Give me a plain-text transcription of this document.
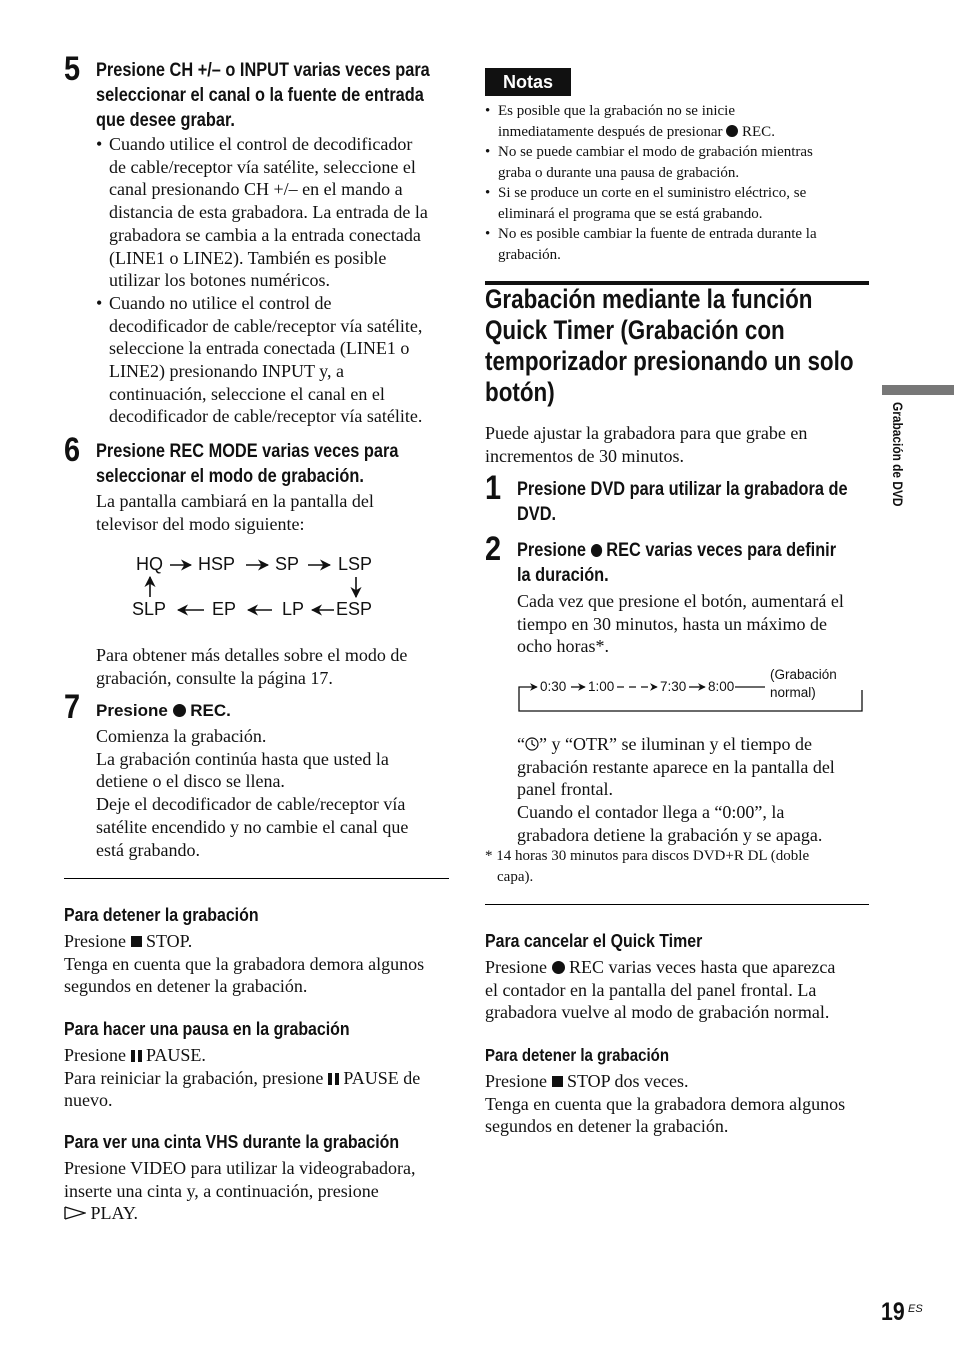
5 Presione CH +/– o INPUT varias veces para
seleccionar el canal o la fuente de entrada
que desee grabar.
• Cuando utilice el control de decodificador
de cable/receptor vía satélite, seleccione el
canal presionando CH +/– en el mando a
distancia de esta grabadora. La entrada de la
grabadora se cambia a la entrada conectada
(LINE1 o LINE2). También es posible
utilizar los botones numéricos.
• Cuando no utilice el control de
decodificador de cable/receptor vía satélite,
seleccione la entrada conectada (LINE1 o
LINE2) presionando INPUT y, a
continuación, seleccione el canal en el
decodificador de cable/receptor vía satélite.
6 Presione REC MODE varias veces para
seleccionar el modo de grabación.
La pantalla cambiará en la pantalla del
televisor del modo siguiente:
HQ HSP SP LSP
SLP	EP	LP ESP
Para obtener más detalles sobre el modo de
grabación, consulte la página 17.
7 Presione REC.
Comienza la grabación.
La grabación continúa hasta que usted la
detiene o el disco se llena.
Deje el decodificador de cable/receptor vía
satélite encendido y no cambie el canal que
está grabando.
Para detener la grabación
Presione STOP.
Tenga en cuenta que la grabadora demora algunos
segundos en detener la grabación.
Para hacer una pausa en la grabación
Presione PAUSE.
Para reiniciar la grabación, presione PAUSE de
nuevo.
Para ver una cinta VHS durante la grabación
Presione VIDEO para utilizar la videograbadora,
inserte una cinta y, a continuación, presione
PLAY.
Notas
• Es posible que la grabación no se inicie
inmediatamente después de presionar REC.
• No se puede cambiar el modo de grabación mientras
graba o durante una pausa de grabación.
• Si se produce un corte en el suministro eléctrico, se
eliminará el programa que se está grabando.
• No es posible cambiar la fuente de entrada durante la
grabación.
Grabación mediante la función
Quick Timer (Grabación con
temporizador presionando un solo
botón)
Puede ajustar la grabadora para que grabe en
incrementos de 30 minutos.
1 Presione DVD para utilizar la grabadora de
DVD.
2 Presione REC varias veces para definir
la duración.
Cada vez que presione el botón, aumentará el
tiempo en 30 minutos, hasta un máximo de
ocho horas*.
0:30 1:00	7:30 8:00
(Grabación
normal)
“ ” y “OTR” se iluminan y el tiempo de
grabación restante aparece en la pantalla del
panel frontal.
Cuando el contador llega a “0:00”, la
grabadora detiene la grabación y se apaga.
* 14 horas 30 minutos para discos DVD+R DL (doble
capa).
Para cancelar el Quick Timer
Presione REC varias veces hasta que aparezca
el contador en la pantalla del panel frontal. La
grabadora vuelve al modo de grabación normal.
Para detener la grabación
Presione STOP dos veces.
Tenga en cuenta que la grabadora demora algunos
segundos en detener la grabación.
Grabación de DVD
19 ES
